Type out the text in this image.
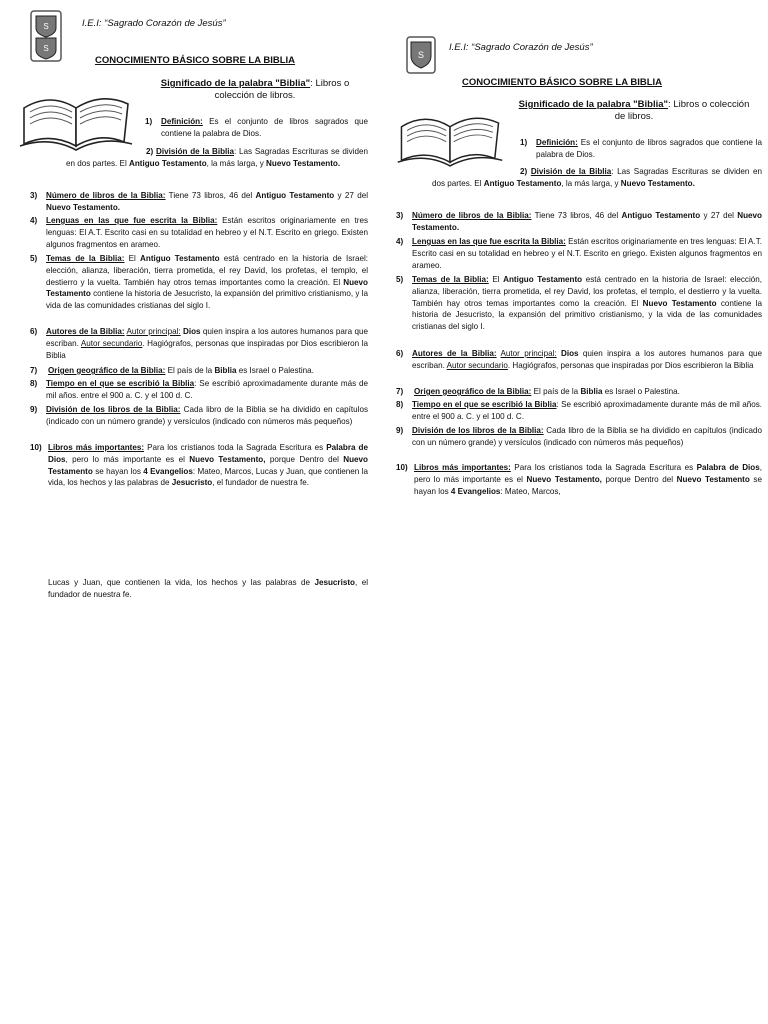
S
S
I.E.I: “Sagrado Corazón de Jesús”
CONOCIMIENTO BÁSICO SOBRE LA BIBLIA
Significado de la palabra "Biblia": Libros o colección de libros.
1)	Definición: Es el conjunto de libros sagrados que contiene la palabra de Dios.
2) División de la Biblia: Las Sagradas Escrituras se dividen en dos partes. El Antiguo Testamento, la más larga, y Nuevo Testamento.
3)	Número de libros de la Biblia: Tiene 73 libros, 46 del Antiguo Testamento y 27 del Nuevo Testamento.
4)	Lenguas en las que fue escrita la Biblia: Están escritos originariamente en tres lenguas: El A.T. Escrito casi en su totalidad en hebreo y el N.T. Escrito en griego. Existen algunos fragmentos en arameo.
5)	Temas de la Biblia: El Antiguo Testamento está centrado en la historia de Israel: elección, alianza, liberación, tierra prometida, el rey David, los profetas, el templo, el destierro y la vuelta. También hay otros temas importantes como la creación. El Nuevo Testamento contiene la historia de Jesucristo, la expansión del primitivo cristianismo, y la vida de las comunidades cristianas del siglo I.
6)	Autores de la Biblia: Autor principal: Dios quien inspira a los autores humanos para que escriban. Autor secundario. Hagiógrafos, personas que inspiradas por Dios escribieron la Biblia
7)	Origen geográfico de la Biblia: El país de la Biblia es Israel o Palestina.
8)	Tiempo en el que se escribió la Biblia: Se escribió aproximadamente durante más de mil años. entre el 900 a. C. y el 100 d. C.
9)	División de los libros de la Biblia: Cada libro de la Biblia se ha dividido en capítulos (indicado con un número grande) y versículos (indicado con números más pequeños)
10) Libros más importantes: Para los cristianos toda la Sagrada Escritura es Palabra de Dios, pero lo más importante es el Nuevo Testamento, porque Dentro del Nuevo Testamento se hayan los 4 Evangelios: Mateo, Marcos, Lucas y Juan, que contienen la vida, los hechos y las palabras de Jesucristo, el fundador de nuestra fe.
Lucas y Juan, que contienen la vida, los hechos y las palabras de Jesucristo, el fundador de nuestra fe.
S
I.E.I: “Sagrado Corazón de Jesús”
CONOCIMIENTO BÁSICO SOBRE LA BIBLIA
Significado de la palabra "Biblia": Libros o colección de libros.
1)	Definición: Es el conjunto de libros sagrados que contiene la palabra de Dios.
2) División de la Biblia: Las Sagradas Escrituras se dividen en dos partes. El Antiguo Testamento, la más larga, y Nuevo Testamento.
3)	Número de libros de la Biblia: Tiene 73 libros, 46 del Antiguo Testamento y 27 del Nuevo Testamento.
4)	Lenguas en las que fue escrita la Biblia: Están escritos originariamente en tres lenguas: El A.T. Escrito casi en su totalidad en hebreo y el N.T. Escrito en griego. Existen algunos fragmentos en arameo.
5)	Temas de la Biblia: El Antiguo Testamento está centrado en la historia de Israel: elección, alianza, liberación, tierra prometida, el rey David, los profetas, el templo, el destierro y la vuelta. También hay otros temas importantes como la creación. El Nuevo Testamento contiene la historia de Jesucristo, la expansión del primitivo cristianismo, y la vida de las comunidades cristianas del siglo I.
6)	Autores de la Biblia: Autor principal: Dios quien inspira a los autores humanos para que escriban. Autor secundario. Hagiógrafos, personas que inspiradas por Dios escribieron la Biblia
7)	Origen geográfico de la Biblia: El país de la Biblia es Israel o Palestina.
8)	Tiempo en el que se escribió la Biblia: Se escribió aproximadamente durante más de mil años. entre el 900 a. C. y el 100 d. C.
9)	División de los libros de la Biblia: Cada libro de la Biblia se ha dividido en capítulos (indicado con un número grande) y versículos (indicado con números más pequeños)
10) Libros más importantes: Para los cristianos toda la Sagrada Escritura es Palabra de Dios, pero lo más importante es el Nuevo Testamento, porque Dentro del Nuevo Testamento se hayan los 4 Evangelios: Mateo, Marcos,
